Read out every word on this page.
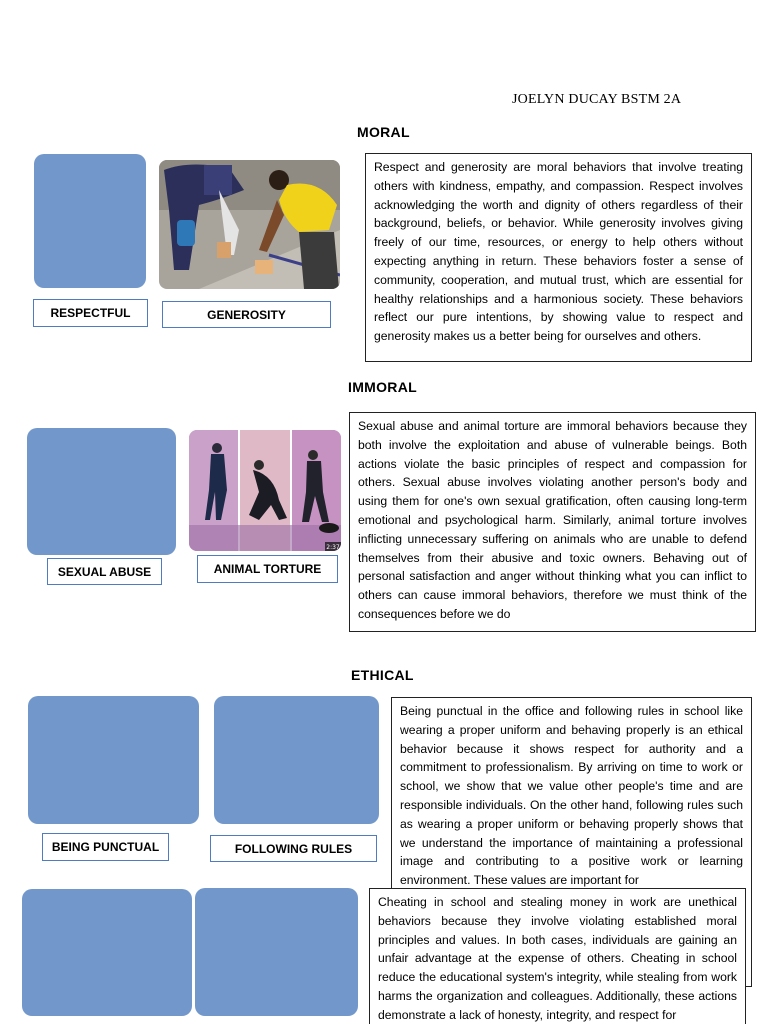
JOELYN DUCAY BSTM 2A
MORAL
RESPECTFUL	GENEROSITY
Respect and generosity are moral behaviors that involve treating others with kindness, empathy, and compassion. Respect involves acknowledging the worth and dignity of others regardless of their background, beliefs, or behavior. While generosity involves giving freely of our time, resources, or energy to help others without expecting anything in return. These behaviors foster a sense of community, cooperation, and mutual trust, which are essential for healthy relationships and a harmonious society. These behaviors reflect our pure intentions, by showing value to respect and generosity makes us a better being for ourselves and others.
IMMORAL
2:37
SEXUAL ABUSE	ANIMAL TORTURE
Sexual abuse and animal torture are immoral behaviors because they both involve the exploitation and abuse of vulnerable beings. Both actions violate the basic principles of respect and compassion for others. Sexual abuse involves violating another person's body and using them for one's own sexual gratification, often causing long-term emotional and psychological harm. Similarly, animal torture involves inflicting unnecessary suffering on animals who are unable to defend themselves from their abusive and toxic owners. Behaving out of personal satisfaction and anger without thinking what you can inflict to others can cause immoral behaviors, therefore we must think of the consequences before we do
ETHICAL
BEING PUNCTUAL	FOLLOWING RULES
Being punctual in the office and following rules in school like wearing a proper uniform and behaving properly is an ethical behavior because it shows respect for authority and a commitment to professionalism. By arriving on time to work or school, we show that we value other people's time and are responsible individuals. On the other hand, following rules such as wearing a proper uniform or behaving properly shows that we understand the importance of maintaining a professional image and contributing to a positive work or learning environment. These values are important for
Cheating in school and stealing money in work are unethical behaviors because they involve violating established moral principles and values. In both cases, individuals are gaining an unfair advantage at the expense of others. Cheating in school reduce the educational system's integrity, while stealing from work harms the organization and colleagues. Additionally, these actions demonstrate a lack of honesty, integrity, and respect for
